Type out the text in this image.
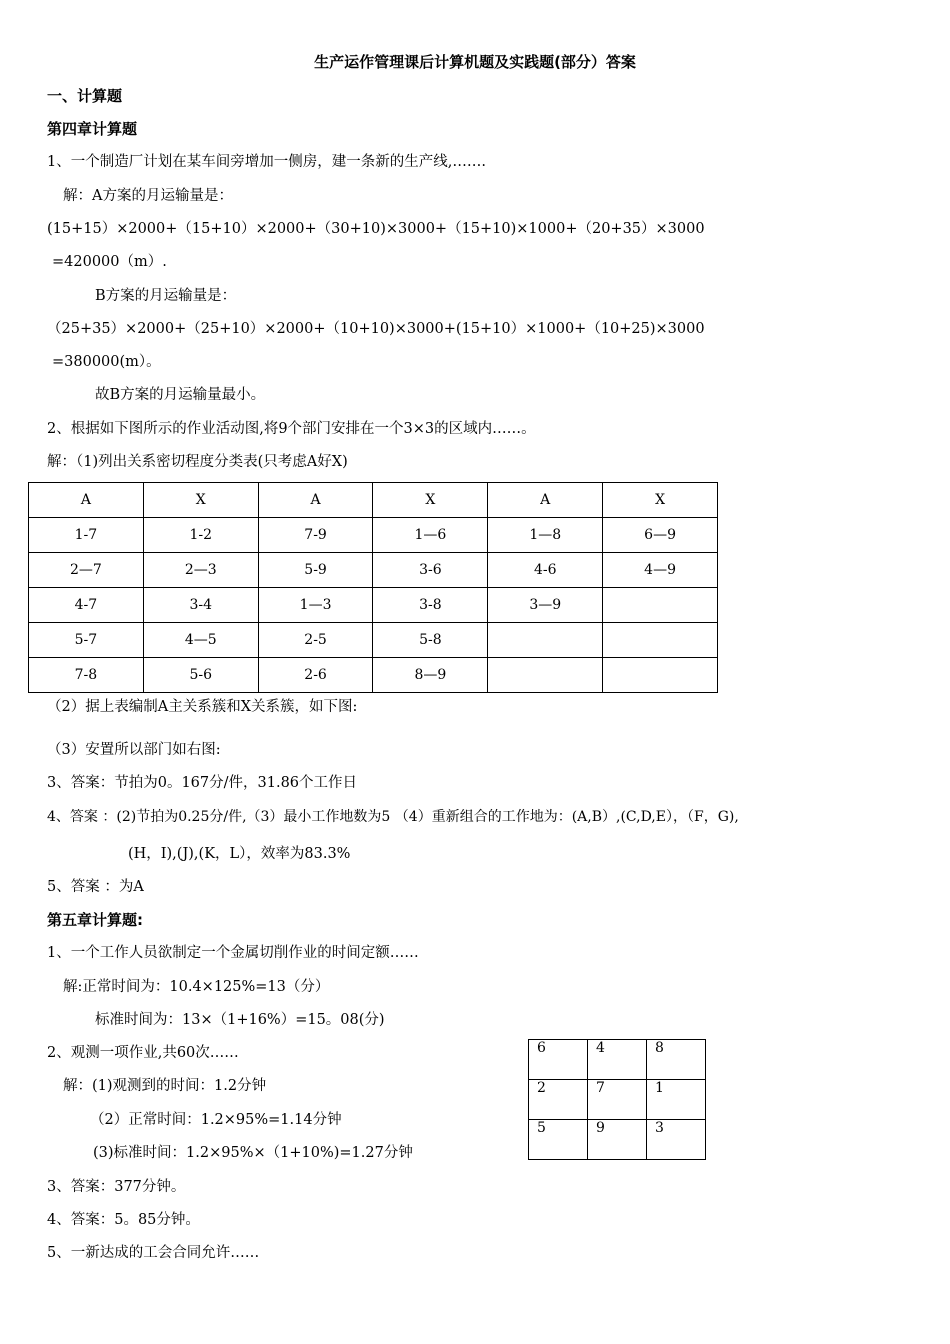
生产运作管理课后计算机题及实践题(部分）答案
一、计算题
第四章计算题
1、一个制造厂计划在某车间旁增加一侧房，建一条新的生产线,…….
解：A方案的月运输量是：
(15+15）×2000+（15+10）×2000+（30+10)×3000+（15+10)×1000+（20+35）×3000
=420000（m）.
B方案的月运输量是：
（25+35）×2000+（25+10）×2000+（10+10)×3000+(15+10）×1000+（10+25)×3000
=380000(m）。
故B方案的月运输量最小。
2、根据如下图所示的作业活动图,将9个部门安排在一个3×3的区域内……。
解：（1)列出关系密切程度分类表(只考虑A好X)
A	X	A	X	A	X
1-7	1-2	7-9	1—6	1—8	6—9
2—7	2—3	5-9	3-6	4-6	4—9
4-7	3-4	1—3	3-8	3—9	
5-7	4—5	2-5	5-8		
7-8	5-6	2-6	8—9		
（2）据上表编制A主关系簇和X关系簇，如下图:
（3）安置所以部门如右图:
3、答案：节拍为0。167分/件，31.86个工作日
4、答案 ：(2)节拍为0.25分/件,（3）最小工作地数为5 （4）重新组合的工作地为：(A,B）,(C,D,E），（F，G),
(H，I),(J),(K，L），效率为83.3%
5、答案 ：为A
第五章计算题:
1、一个工作人员欲制定一个金属切削作业的时间定额……
解:正常时间为：10.4×125%=13（分）
标准时间为：13×（1+16%）=15。08(分)
2、观测一项作业,共60次……
解：(1)观测到的时间：1.2分钟
（2）正常时间：1.2×95%=1.14分钟
(3)标准时间：1.2×95%×（1+10%)=1.27分钟
3、答案：377分钟。
4、答案：5。85分钟。
5、一新达成的工会合同允许……
6	4	8
2	7	1
5	9	3
